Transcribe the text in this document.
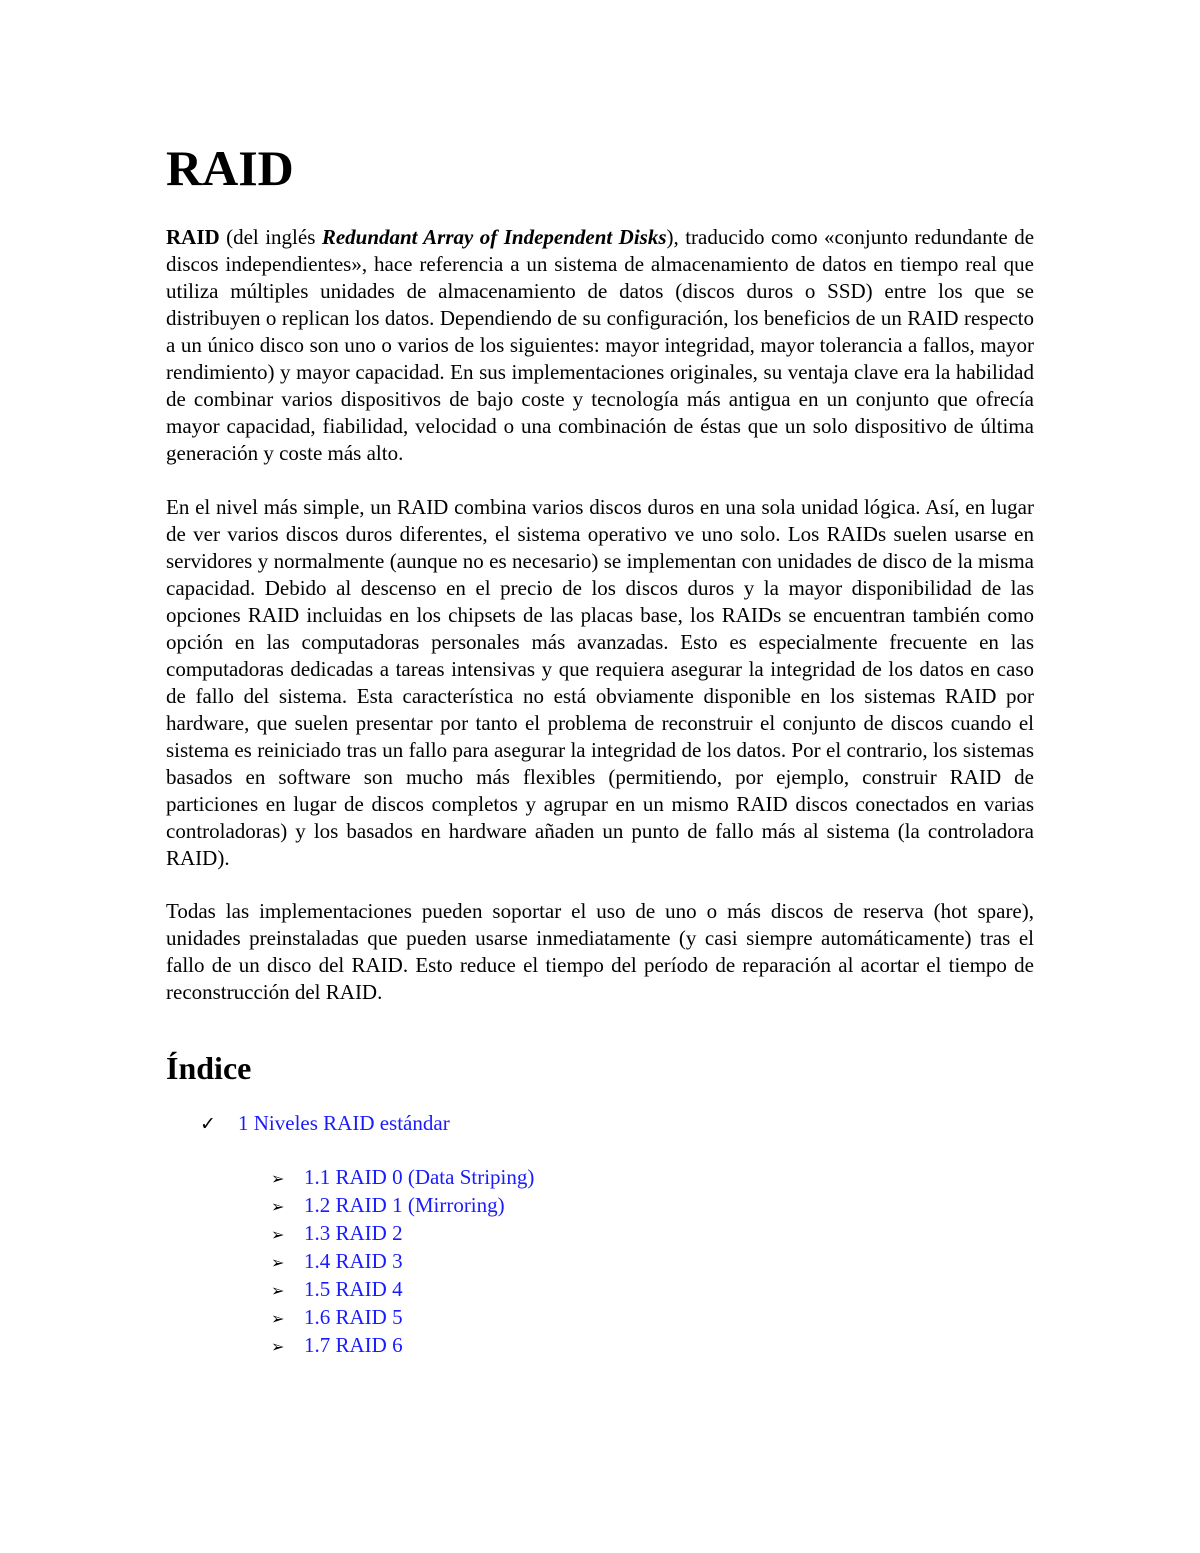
RAID

RAID (del inglés Redundant Array of Independent Disks), traducido como «conjunto redundante de discos independientes», hace referencia a un sistema de almacenamiento de datos en tiempo real que utiliza múltiples unidades de almacenamiento de datos (discos duros o SSD) entre los que se distribuyen o replican los datos. Dependiendo de su configuración, los beneficios de un RAID respecto a un único disco son uno o varios de los siguientes: mayor integridad, mayor tolerancia a fallos, mayor rendimiento) y mayor capacidad. En sus implementaciones originales, su ventaja clave era la habilidad de combinar varios dispositivos de bajo coste y tecnología más antigua en un conjunto que ofrecía mayor capacidad, fiabilidad, velocidad o una combinación de éstas que un solo dispositivo de última generación y coste más alto.

En el nivel más simple, un RAID combina varios discos duros en una sola unidad lógica. Así, en lugar de ver varios discos duros diferentes, el sistema operativo ve uno solo. Los RAIDs suelen usarse en servidores y normalmente (aunque no es necesario) se implementan con unidades de disco de la misma capacidad. Debido al descenso en el precio de los discos duros y la mayor disponibilidad de las opciones RAID incluidas en los chipsets de las placas base, los RAIDs se encuentran también como opción en las computadoras personales más avanzadas. Esto es especialmente frecuente en las computadoras dedicadas a tareas intensivas y que requiera asegurar la integridad de los datos en caso de fallo del sistema. Esta característica no está obviamente disponible en los sistemas RAID por hardware, que suelen presentar por tanto el problema de reconstruir el conjunto de discos cuando el sistema es reiniciado tras un fallo para asegurar la integridad de los datos. Por el contrario, los sistemas basados en software son mucho más flexibles (permitiendo, por ejemplo, construir RAID de particiones en lugar de discos completos y agrupar en un mismo RAID discos conectados en varias controladoras) y los basados en hardware añaden un punto de fallo más al sistema (la controladora RAID).

Todas las implementaciones pueden soportar el uso de uno o más discos de reserva (hot spare), unidades preinstaladas que pueden usarse inmediatamente (y casi siempre automáticamente) tras el fallo de un disco del RAID. Esto reduce el tiempo del período de reparación al acortar el tiempo de reconstrucción del RAID.

Índice
✓	1 Niveles RAID estándar
➢ 1.1 RAID 0 (Data Striping)
➢ 1.2 RAID 1 (Mirroring)
➢ 1.3 RAID 2
➢ 1.4 RAID 3
➢ 1.5 RAID 4
➢ 1.6 RAID 5
➢ 1.7 RAID 6
